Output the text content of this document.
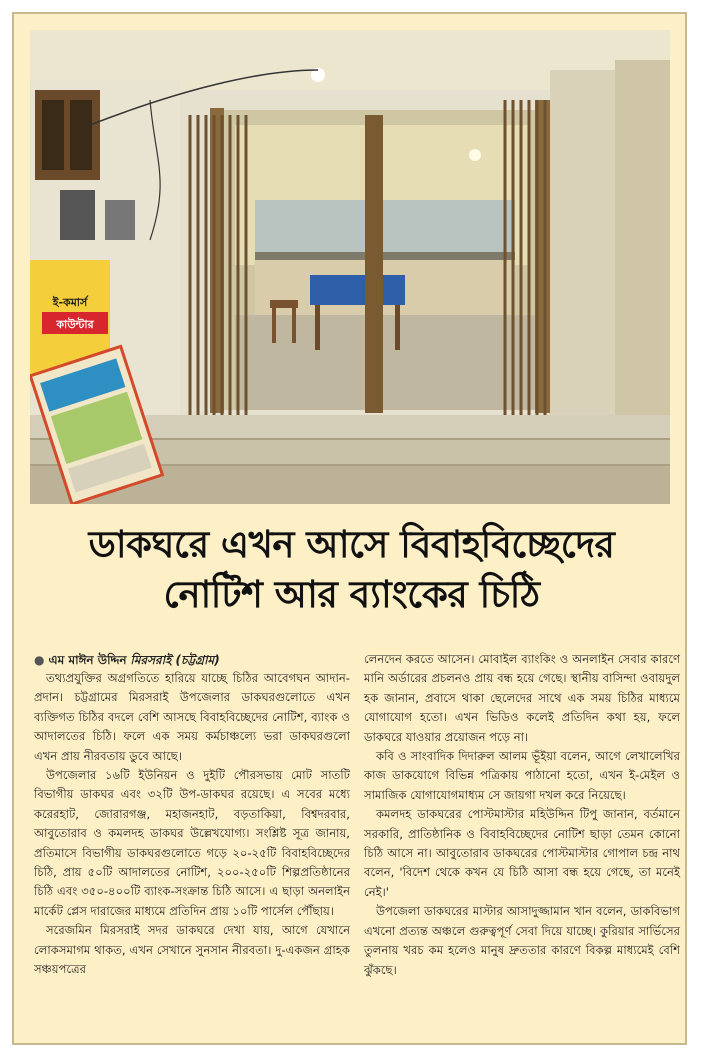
ই-কমার্স
কাউন্টার
ডাকঘরে এখন আসে বিবাহবিচ্ছেদের
নোটিশ আর ব্যাংকের চিঠি
● এম মাঈন উদ্দিন মিরসরাই (চট্টগ্রাম)

তথ্যপ্রযুক্তির অগ্রগতিতে হারিয়ে যাচ্ছে চিঠির আবেগঘন আদান-প্রদান। চট্টগ্রামের মিরসরাই উপজেলার ডাকঘরগুলোতে এখন ব্যক্তিগত চিঠির বদলে বেশি আসছে বিবাহবিচ্ছেদের নোটিশ, ব্যাংক ও আদালতের চিঠি। ফলে এক সময় কর্মচাঞ্চল্যে ভরা ডাকঘরগুলো এখন প্রায় নীরবতায় ডুবে আছে।

উপজেলার ১৬টি ইউনিয়ন ও দুইটি পৌরসভায় মোট সাতটি বিভাগীয় ডাকঘর এবং ৩২টি উপ-ডাকঘর রয়েছে। এ সবের মধ্যে করেরহাট, জোরারগঞ্জ, মহাজনহাট, বড়তাকিয়া, বিশ্বদরবার, আবুতোরাব ও কমলদহ ডাকঘর উল্লেখযোগ্য। সংশ্লিষ্ট সূত্র জানায়, প্রতিমাসে বিভাগীয় ডাকঘরগুলোতে গড়ে ২০-২৫টি বিবাহবিচ্ছেদের চিঠি, প্রায় ৫০টি আদালতের নোটিশ, ২০০-২৫০টি শিল্পপ্রতিষ্ঠানের চিঠি এবং ৩৫০-৪০০টি ব্যাংক-সংক্রান্ত চিঠি আসে। এ ছাড়া অনলাইন মার্কেট প্লেস দারাজের মাধ্যমে প্রতিদিন প্রায় ১০টি পার্সেল পৌঁছায়।

সরেজমিন মিরসরাই সদর ডাকঘরে দেখা যায়, আগে যেখানে লোকসমাগম থাকত, এখন সেখানে সুনসান নীরবতা। দু-একজন গ্রাহক সঞ্চয়পত্রের

লেনদেন করতে আসেন। মোবাইল ব্যাংকিং ও অনলাইন সেবার কারণে মানি অর্ডারের প্রচলনও প্রায় বন্ধ হয়ে গেছে। স্থানীয় বাসিন্দা ওবায়দুল হক জানান, প্রবাসে থাকা ছেলেদের সাথে এক সময় চিঠির মাধ্যমে যোগাযোগ হতো। এখন ভিডিও কলেই প্রতিদিন কথা হয়, ফলে ডাকঘরে যাওয়ার প্রয়োজন পড়ে না।

কবি ও সাংবাদিক দিদারুল আলম ভূঁইয়া বলেন, আগে লেখালেখির কাজ ডাকযোগে বিভিন্ন পত্রিকায় পাঠানো হতো, এখন ই-মেইল ও সামাজিক যোগাযোগমাধ্যম সে জায়গা দখল করে নিয়েছে।

কমলদহ ডাকঘরের পোস্টমাস্টার মহিউদ্দিন টিপু জানান, বর্তমানে সরকারি, প্রাতিষ্ঠানিক ও বিবাহবিচ্ছেদের নোটিশ ছাড়া তেমন কোনো চিঠি আসে না। আবুতোরাব ডাকঘরের পোস্টমাস্টার গোপাল চন্দ্র নাথ বলেন, 'বিদেশ থেকে কখন যে চিঠি আসা বন্ধ হয়ে গেছে, তা মনেই নেই।'

উপজেলা ডাকঘরের মাস্টার আসাদুজ্জামান খান বলেন, ডাকবিভাগ এখনো প্রত্যন্ত অঞ্চলে গুরুত্বপূর্ণ সেবা দিয়ে যাচ্ছে। কুরিয়ার সার্ভিসের তুলনায় খরচ কম হলেও মানুষ দ্রুততার কারণে বিকল্প মাধ্যমেই বেশি ঝুঁকছে।
